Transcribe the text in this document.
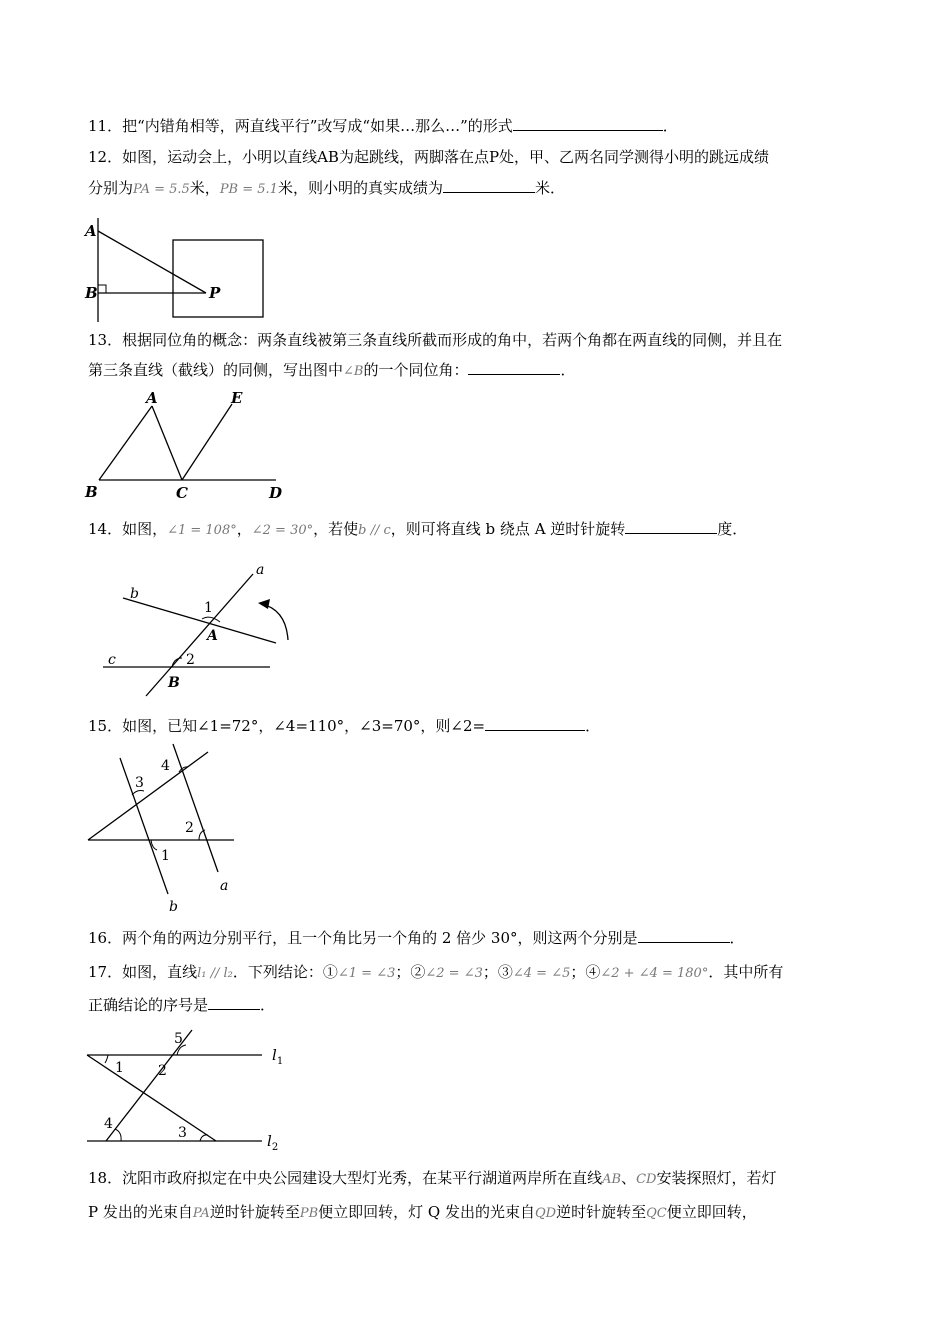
11．把“内错角相等，两直线平行”改写成“如果…那么…”的形式	．
12．如图，运动会上，小明以直线AB为起跳线，两脚落在点P处，甲、乙两名同学测得小明的跳远成绩
分别为PA = 5.5米，PB = 5.1米，则小明的真实成绩为	米．
A
B	P
13．根据同位角的概念：两条直线被第三条直线所截而形成的角中，若两个角都在两直线的同侧，并且在
第三条直线（截线）的同侧，写出图中∠B的一个同位角：	．
A
B	C	D
E
14．如图，∠1 = 108°，∠2 = 30°，若使b // c，则可将直线 b 绕点 A 逆时针旋转	度．
a
b
c
1
2
A
B
15．如图，已知∠1=72°，∠4=110°，∠3=70°，则∠2=	．
3
4
2
1
a
b
16．两个角的两边分别平行，且一个角比另一个角的 2 倍少 30°，则这两个分别是	．
17．如图，直线l₁ // l₂．下列结论：①∠1 = ∠3；②∠2 = ∠3；③∠4 = ∠5；④∠2 + ∠4 = 180°．其中所有
正确结论的序号是	．
5
1 2
4
3
$l_1$
$l_2$
18．沈阳市政府拟定在中央公园建设大型灯光秀，在某平行湖道两岸所在直线AB、CD安装探照灯，若灯
P 发出的光束自PA逆时针旋转至PB便立即回转，灯 Q 发出的光束自QD逆时针旋转至QC便立即回转，
